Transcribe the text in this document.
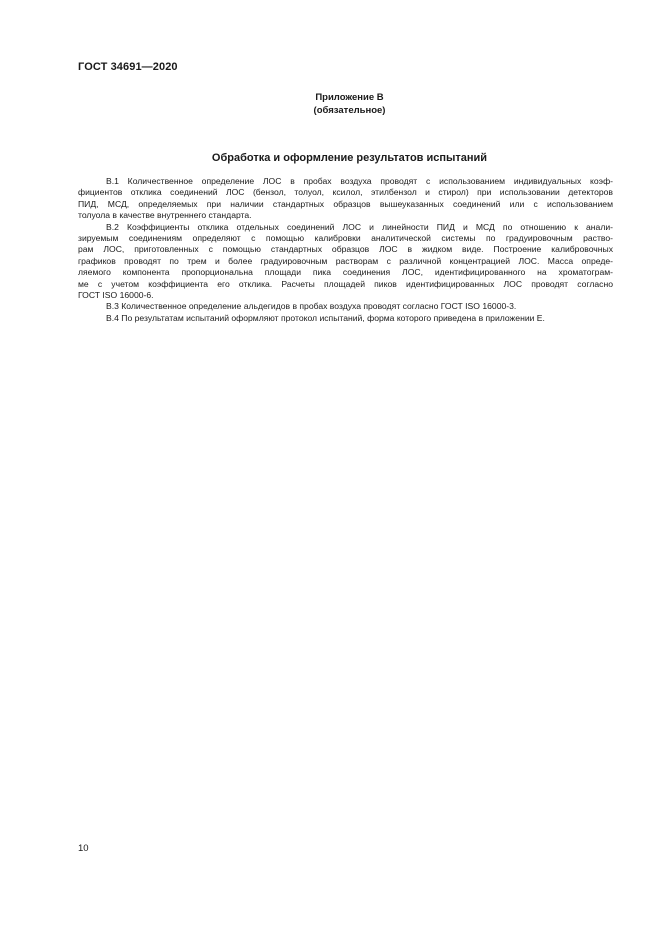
ГОСТ 34691—2020
Приложение В
(обязательное)
Обработка и оформление результатов испытаний
В.1 Количественное определение ЛОС в пробах воздуха проводят с использованием индивидуальных коэф-
фициентов отклика соединений ЛОС (бензол, толуол, ксилол, этилбензол и стирол) при использовании детекторов
ПИД, МСД, определяемых при наличии стандартных образцов вышеуказанных соединений или с использованием
толуола в качестве внутреннего стандарта.
В.2 Коэффициенты отклика отдельных соединений ЛОС и линейности ПИД и МСД по отношению к анали-
зируемым соединениям определяют с помощью калибровки аналитической системы по градуировочным раство-
рам ЛОС, приготовленных с помощью стандартных образцов ЛОС в жидком виде. Построение калибровочных
графиков проводят по трем и более градуировочным растворам с различной концентрацией ЛОС. Масса опреде-
ляемого компонента пропорциональна площади пика соединения ЛОС, идентифицированного на хроматограм-
ме с учетом коэффициента его отклика. Расчеты площадей пиков идентифицированных ЛОС проводят согласно
ГОСТ ISO 16000-6.
В.3 Количественное определение альдегидов в пробах воздуха проводят согласно ГОСТ ISO 16000-3.
В.4 По результатам испытаний оформляют протокол испытаний, форма которого приведена в приложении Е.
10
